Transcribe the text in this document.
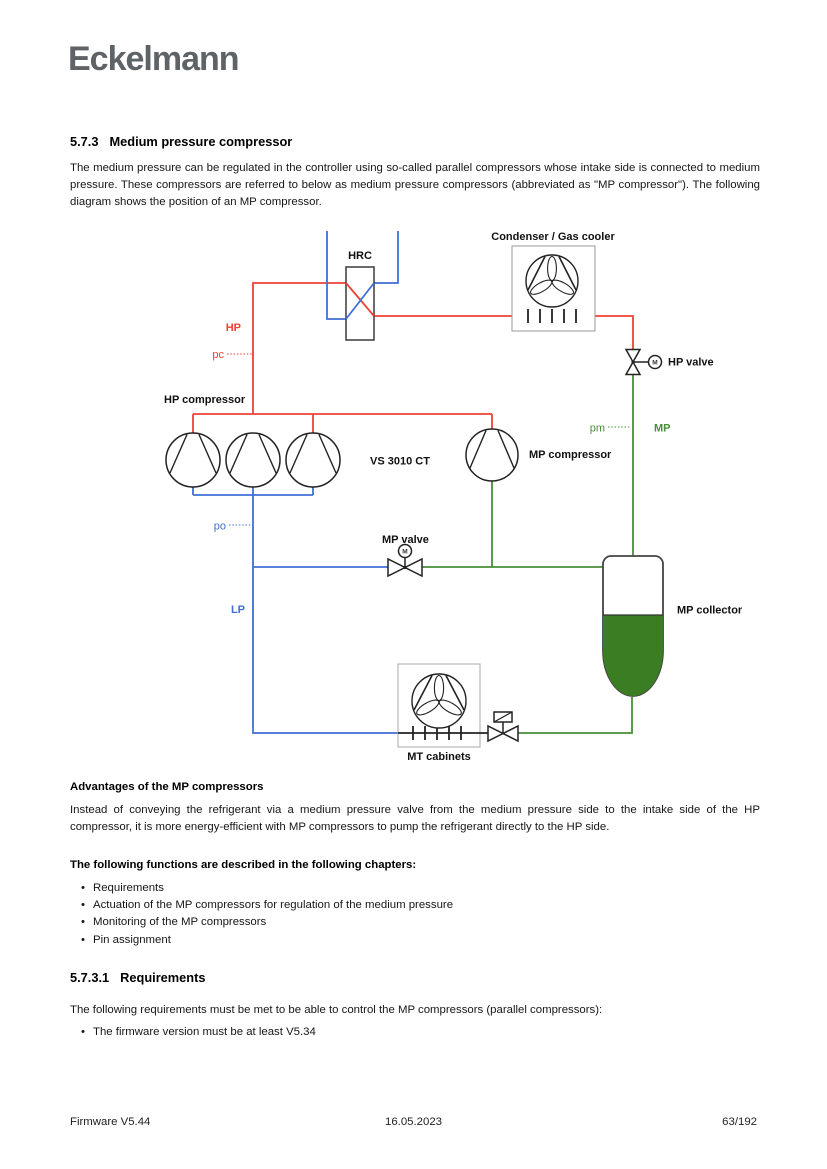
Eckelmann
5.7.3 Medium pressure compressor

The medium pressure can be regulated in the controller using so-called parallel compressors whose intake side is connected to medium pressure. These compressors are referred to below as medium pressure compressors (abbreviated as "MP compressor"). The following diagram shows the position of an MP compressor.

M
M
HRC
Condenser / Gas cooler
HP valve
HP compressor
VS 3010 CT
MP compressor
MP valve
MP collector
MT cabinets
HP
pc
po
LP
pm	MP
Advantages of the MP compressors

Instead of conveying the refrigerant via a medium pressure valve from the medium pressure side to the intake side of the HP compressor, it is more energy-efficient with MP compressors to pump the refrigerant directly to the HP side.

The following functions are described in the following chapters:
• Requirements
• Actuation of the MP compressors for regulation of the medium pressure
• Monitoring of the MP compressors
• Pin assignment
5.7.3.1 Requirements

The following requirements must be met to be able to control the MP compressors (parallel compressors):

• The firmware version must be at least V5.34
Firmware V5.44	16.05.2023	63/192
